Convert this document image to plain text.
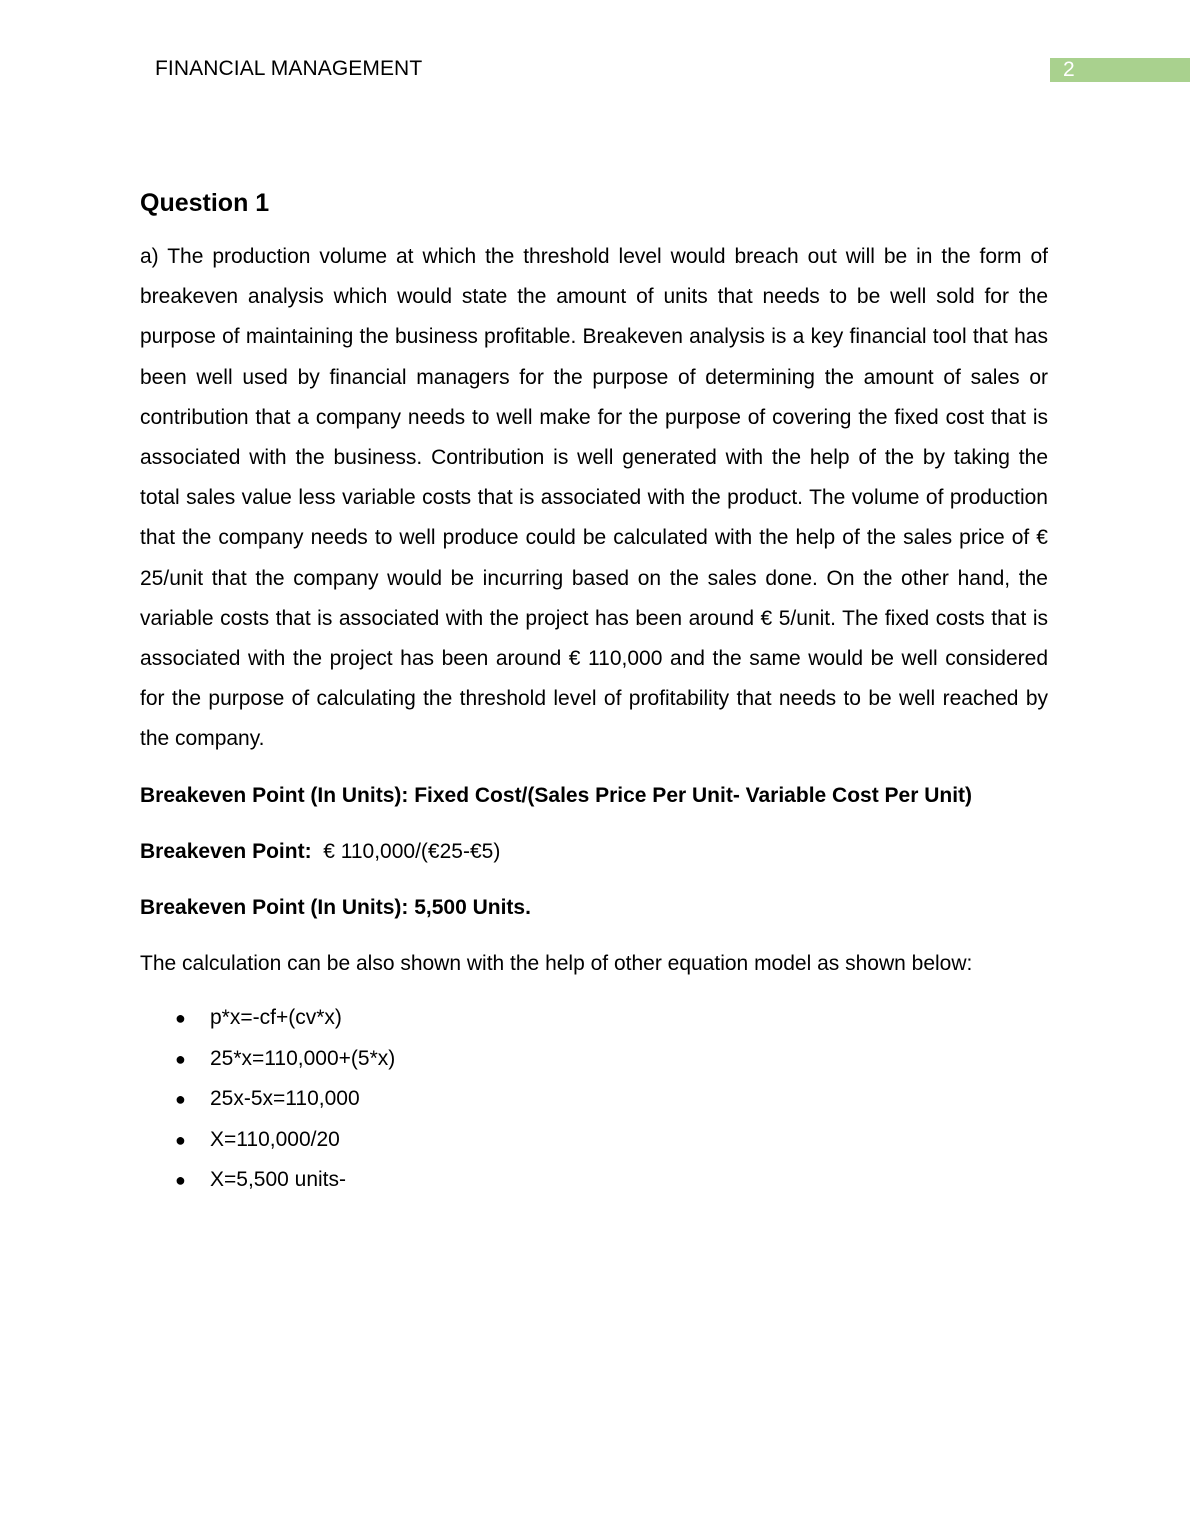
FINANCIAL MANAGEMENT	2
Question 1

a) The production volume at which the threshold level would breach out will be in the form of breakeven analysis which would state the amount of units that needs to be well sold for the purpose of maintaining the business profitable. Breakeven analysis is a key financial tool that has been well used by financial managers for the purpose of determining the amount of sales or contribution that a company needs to well make for the purpose of covering the fixed cost that is associated with the business. Contribution is well generated with the help of the by taking the total sales value less variable costs that is associated with the product. The volume of production that the company needs to well produce could be calculated with the help of the sales price of € 25/unit that the company would be incurring based on the sales done. On the other hand, the variable costs that is associated with the project has been around € 5/unit. The fixed costs that is associated with the project has been around € 110,000 and the same would be well considered for the purpose of calculating the threshold level of profitability that needs to be well reached by the company.

Breakeven Point (In Units): Fixed Cost/(Sales Price Per Unit- Variable Cost Per Unit)

Breakeven Point: € 110,000/(€25-€5)

Breakeven Point (In Units): 5,500 Units.

The calculation can be also shown with the help of other equation model as shown below:

● p*x=-cf+(cv*x)
● 25*x=110,000+(5*x)
● 25x-5x=110,000
● X=110,000/20
● X=5,500 units-
